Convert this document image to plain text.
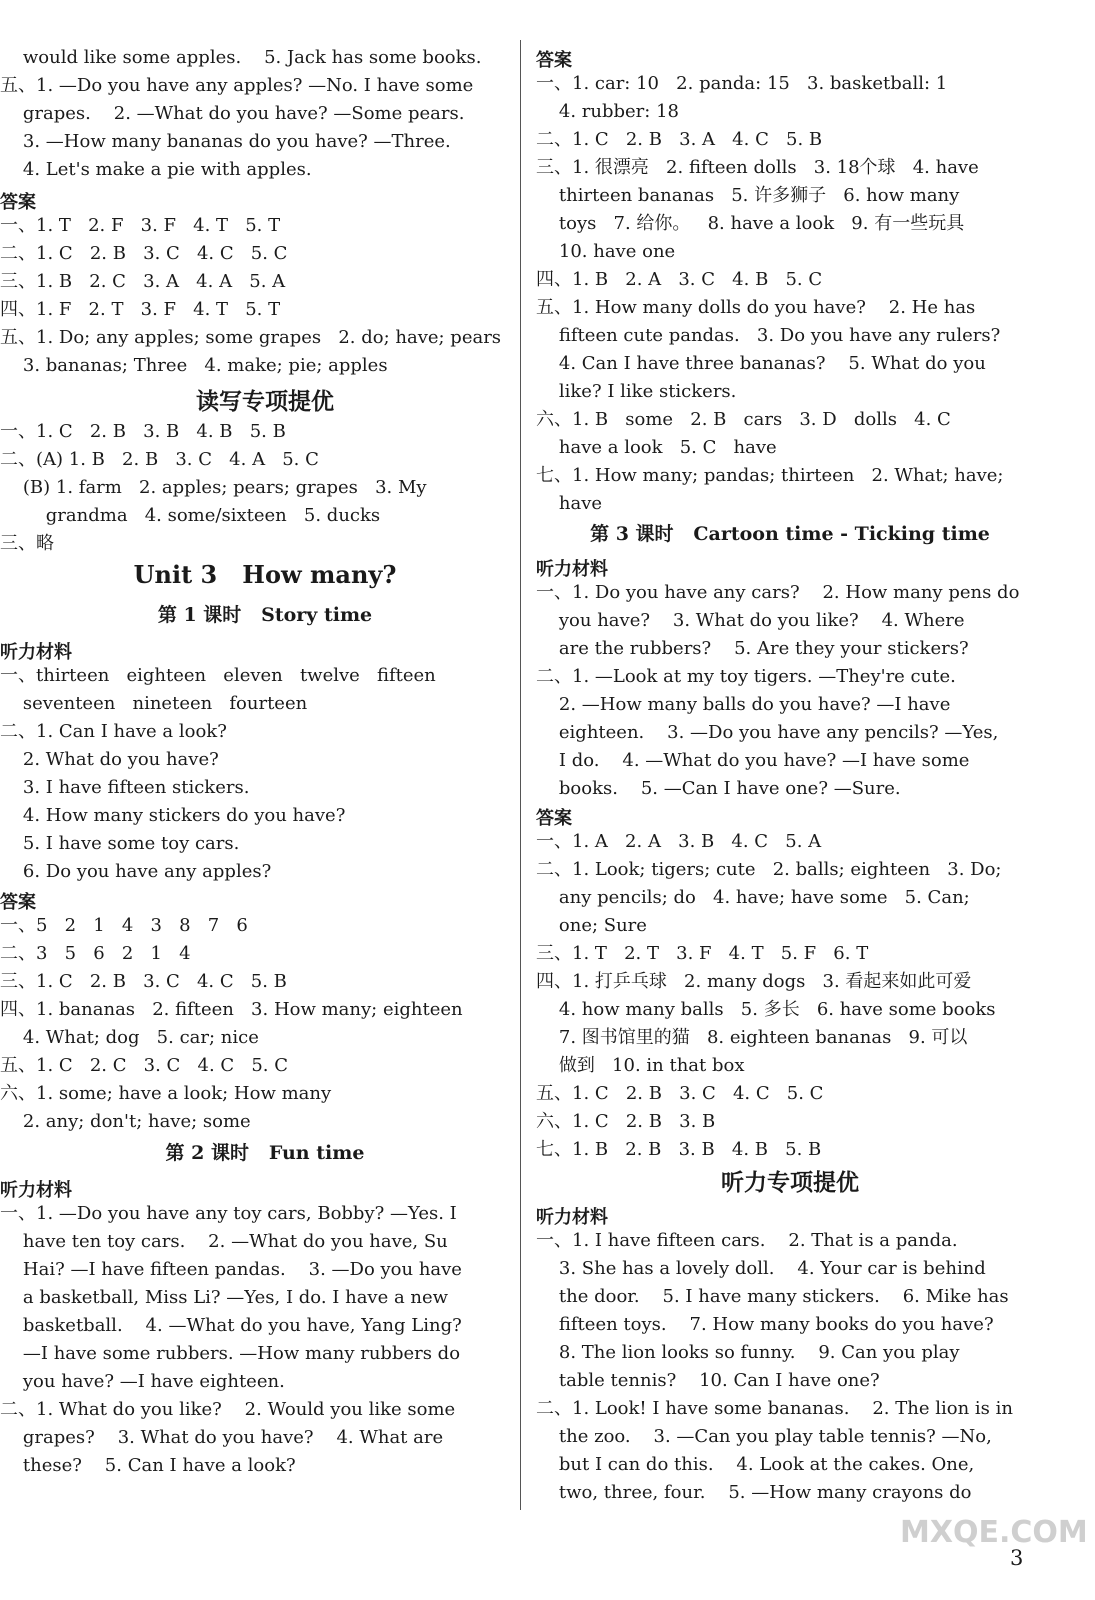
would like some apples.    5. Jack has some books.
五、1. —Do you have any apples? —No. I have some
grapes.    2. —What do you have? —Some pears.
3. —How many bananas do you have? —Three.
4. Let's make a pie with apples.
答案
一、1. T   2. F   3. F   4. T   5. T
二、1. C   2. B   3. C   4. C   5. C
三、1. B   2. C   3. A   4. A   5. A
四、1. F   2. T   3. F   4. T   5. T
五、1. Do; any apples; some grapes   2. do; have; pears
3. bananas; Three   4. make; pie; apples
读写专项提优
一、1. C   2. B   3. B   4. B   5. B
二、(A) 1. B   2. B   3. C   4. A   5. C
(B) 1. farm   2. apples; pears; grapes   3. My
grandma   4. some/sixteen   5. ducks
三、略
Unit 3   How many?
第 1 课时   Story time
听力材料
一、thirteen   eighteen   eleven   twelve   fifteen
seventeen   nineteen   fourteen
二、1. Can I have a look?
2. What do you have?
3. I have fifteen stickers.
4. How many stickers do you have?
5. I have some toy cars.
6. Do you have any apples?
答案
一、5   2   1   4   3   8   7   6
二、3   5   6   2   1   4
三、1. C   2. B   3. C   4. C   5. B
四、1. bananas   2. fifteen   3. How many; eighteen
4. What; dog   5. car; nice
五、1. C   2. C   3. C   4. C   5. C
六、1. some; have a look; How many
2. any; don't; have; some
第 2 课时   Fun time
听力材料
一、1. —Do you have any toy cars, Bobby? —Yes. I
have ten toy cars.    2. —What do you have, Su
Hai? —I have fifteen pandas.    3. —Do you have
a basketball, Miss Li? —Yes, I do. I have a new
basketball.    4. —What do you have, Yang Ling?
—I have some rubbers. —How many rubbers do
you have? —I have eighteen.
二、1. What do you like?    2. Would you like some
grapes?    3. What do you have?    4. What are
these?    5. Can I have a look?
答案
一、1. car: 10   2. panda: 15   3. basketball: 1
4. rubber: 18
二、1. C   2. B   3. A   4. C   5. B
三、1. 很漂亮   2. fifteen dolls   3. 18个球   4. have
thirteen bananas   5. 许多狮子   6. how many
toys   7. 给你。   8. have a look   9. 有一些玩具
10. have one
四、1. B   2. A   3. C   4. B   5. C
五、1. How many dolls do you have?    2. He has
fifteen cute pandas.   3. Do you have any rulers?
4. Can I have three bananas?    5. What do you
like? I like stickers.
六、1. B   some   2. B   cars   3. D   dolls   4. C
have a look   5. C   have
七、1. How many; pandas; thirteen   2. What; have;
have
第 3 课时   Cartoon time - Ticking time
听力材料
一、1. Do you have any cars?    2. How many pens do
you have?    3. What do you like?    4. Where
are the rubbers?    5. Are they your stickers?
二、1. —Look at my toy tigers. —They're cute.
2. —How many balls do you have? —I have
eighteen.    3. —Do you have any pencils? —Yes,
I do.    4. —What do you have? —I have some
books.    5. —Can I have one? —Sure.
答案
一、1. A   2. A   3. B   4. C   5. A
二、1. Look; tigers; cute   2. balls; eighteen   3. Do;
any pencils; do   4. have; have some   5. Can;
one; Sure
三、1. T   2. T   3. F   4. T   5. F   6. T
四、1. 打乒乓球   2. many dogs   3. 看起来如此可爱
4. how many balls   5. 多长   6. have some books
7. 图书馆里的猫   8. eighteen bananas   9. 可以
做到   10. in that box
五、1. C   2. B   3. C   4. C   5. C
六、1. C   2. B   3. B
七、1. B   2. B   3. B   4. B   5. B
听力专项提优
听力材料
一、1. I have fifteen cars.    2. That is a panda.
3. She has a lovely doll.    4. Your car is behind
the door.    5. I have many stickers.    6. Mike has
fifteen toys.    7. How many books do you have?
8. The lion looks so funny.    9. Can you play
table tennis?    10. Can I have one?
二、1. Look! I have some bananas.    2. The lion is in
the zoo.    3. —Can you play table tennis? —No,
but I can do this.    4. Look at the cakes. One,
two, three, four.    5. —How many crayons do
MXQE.COM
3
